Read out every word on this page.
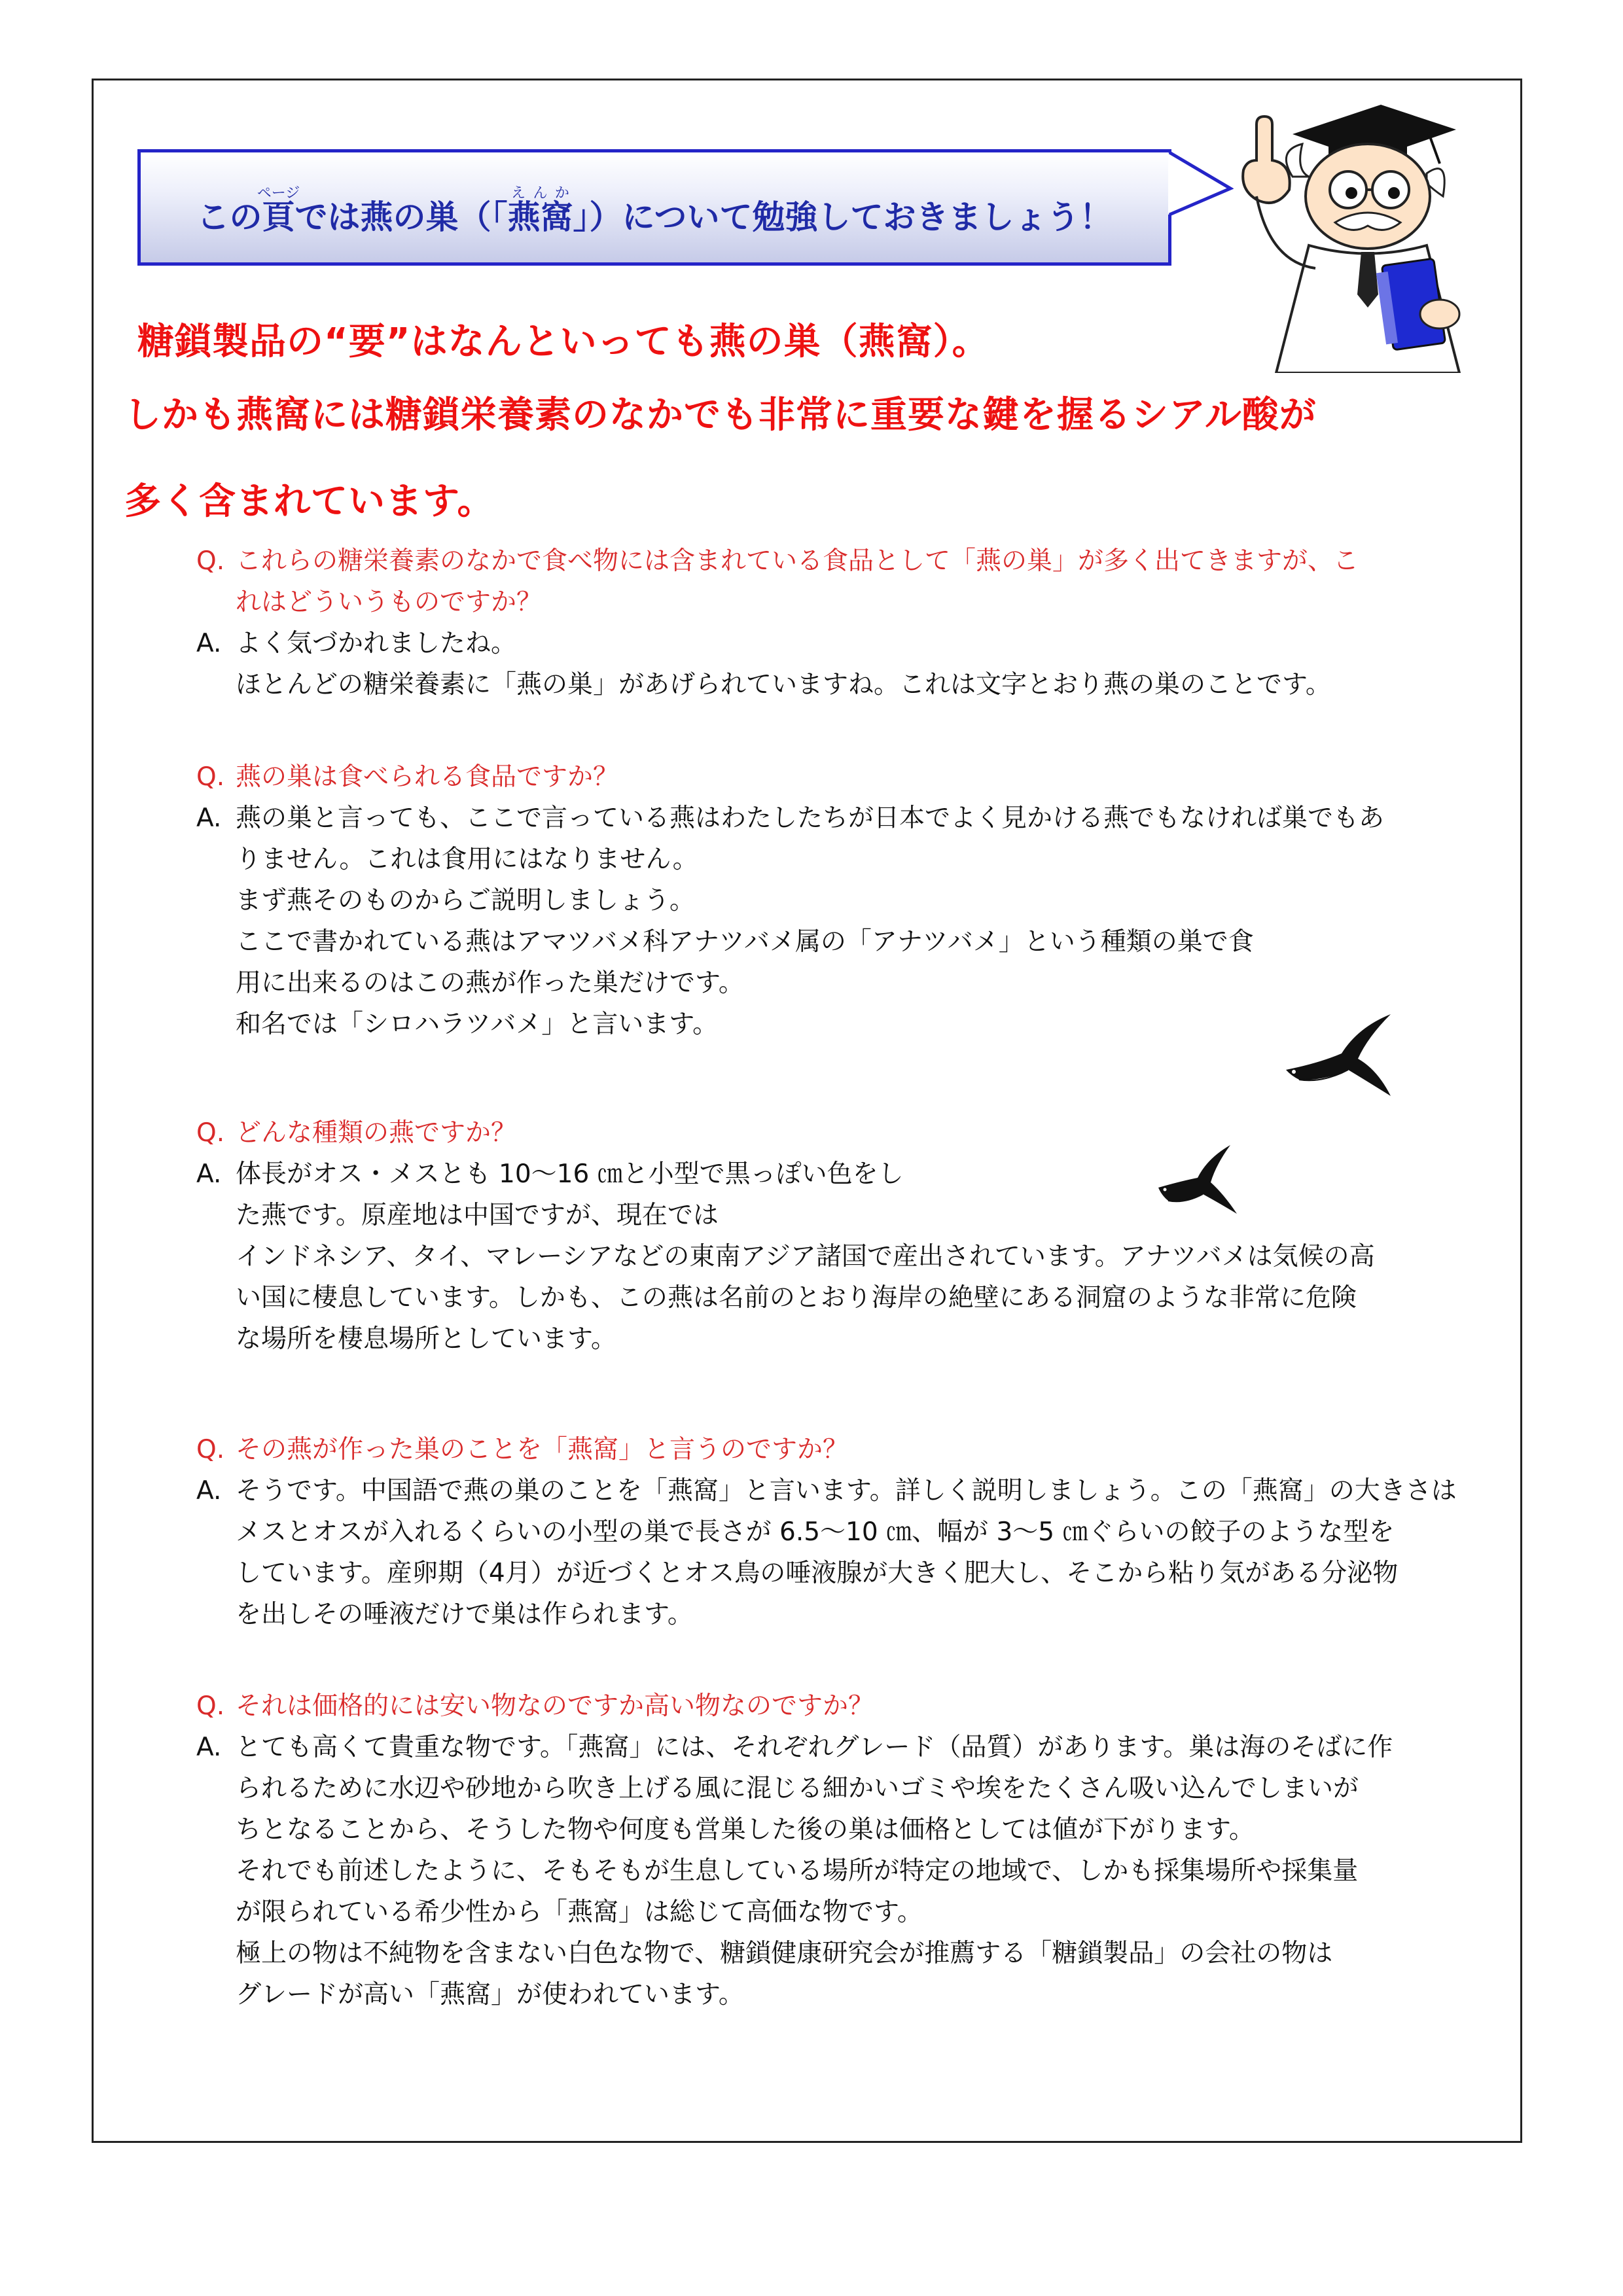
この頁ページでは燕の巣（「燕窩えんか」）について勉強しておきましょう！
糖鎖製品の“要”はなんといっても燕の巣（燕窩）。
しかも燕窩には糖鎖栄養素のなかでも非常に重要な鍵を握るシアル酸が
多く含まれています。
Q. これらの糖栄養素のなかで食べ物には含まれている食品として「燕の巣」が多く出てきますが、こ
れはどういうものですか？
A. よく気づかれましたね。
ほとんどの糖栄養素に「燕の巣」があげられていますね。これは文字とおり燕の巣のことです。
Q. 燕の巣は食べられる食品ですか？
A. 燕の巣と言っても、ここで言っている燕はわたしたちが日本でよく見かける燕でもなければ巣でもあ
りません。これは食用にはなりません。
まず燕そのものからご説明しましょう。
ここで書かれている燕はアマツバメ科アナツバメ属の「アナツバメ」という種類の巣で食
用に出来るのはこの燕が作った巣だけです。
和名では「シロハラツバメ」と言います。
Q. どんな種類の燕ですか？
A. 体長がオス・メスとも 10～16 ㎝と小型で黒っぽい色をし
た燕です。原産地は中国ですが、現在では
インドネシア、タイ、マレーシアなどの東南アジア諸国で産出されています。アナツバメは気候の高
い国に棲息しています。しかも、この燕は名前のとおり海岸の絶壁にある洞窟のような非常に危険
な場所を棲息場所としています。
Q. その燕が作った巣のことを「燕窩」と言うのですか？
A. そうです。中国語で燕の巣のことを「燕窩」と言います。詳しく説明しましょう。この「燕窩」の大きさは
メスとオスが入れるくらいの小型の巣で長さが 6.5～10 ㎝、幅が 3～5 ㎝ぐらいの餃子のような型を
しています。産卵期（4月）が近づくとオス鳥の唾液腺が大きく肥大し、そこから粘り気がある分泌物
を出しその唾液だけで巣は作られます。
Q. それは価格的には安い物なのですか高い物なのですか？
A. とても高くて貴重な物です。「燕窩」には、それぞれグレード（品質）があります。巣は海のそばに作
られるために水辺や砂地から吹き上げる風に混じる細かいゴミや埃をたくさん吸い込んでしまいが
ちとなることから、そうした物や何度も営巣した後の巣は価格としては値が下がります。
それでも前述したように、そもそもが生息している場所が特定の地域で、しかも採集場所や採集量
が限られている希少性から「燕窩」は総じて高価な物です。
極上の物は不純物を含まない白色な物で、糖鎖健康研究会が推薦する「糖鎖製品」の会社の物は
グレードが高い「燕窩」が使われています。
